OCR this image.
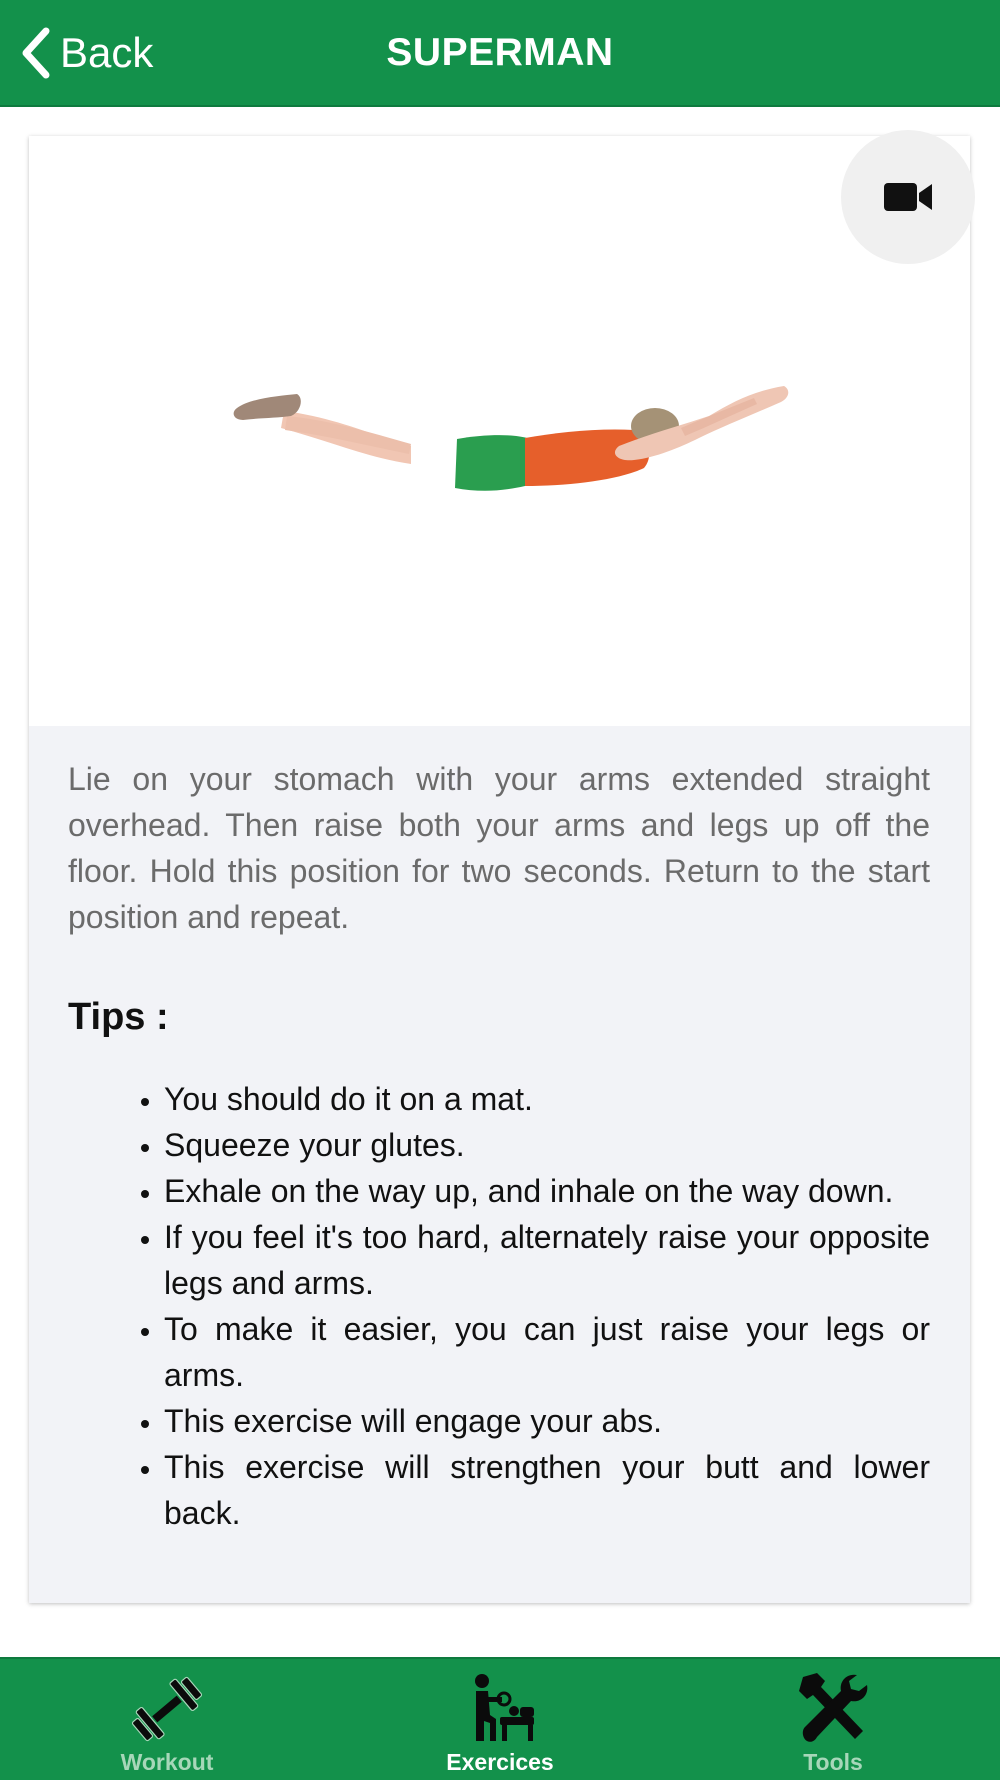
Back	SUPERMAN

Lie on your stomach with your arms extended straight overhead. Then raise both your arms and legs up off the floor. Hold this position for two seconds. Return to the start position and repeat.

Tips :
• You should do it on a mat.
• Squeeze your glutes.
• Exhale on the way up, and inhale on the way down.
• If you feel it's too hard, alternately raise your opposite legs and arms.
• To make it easier, you can just raise your legs or arms.
• This exercise will engage your abs.
• This exercise will strengthen your butt and lower back.
Workout	Exercices	Tools
